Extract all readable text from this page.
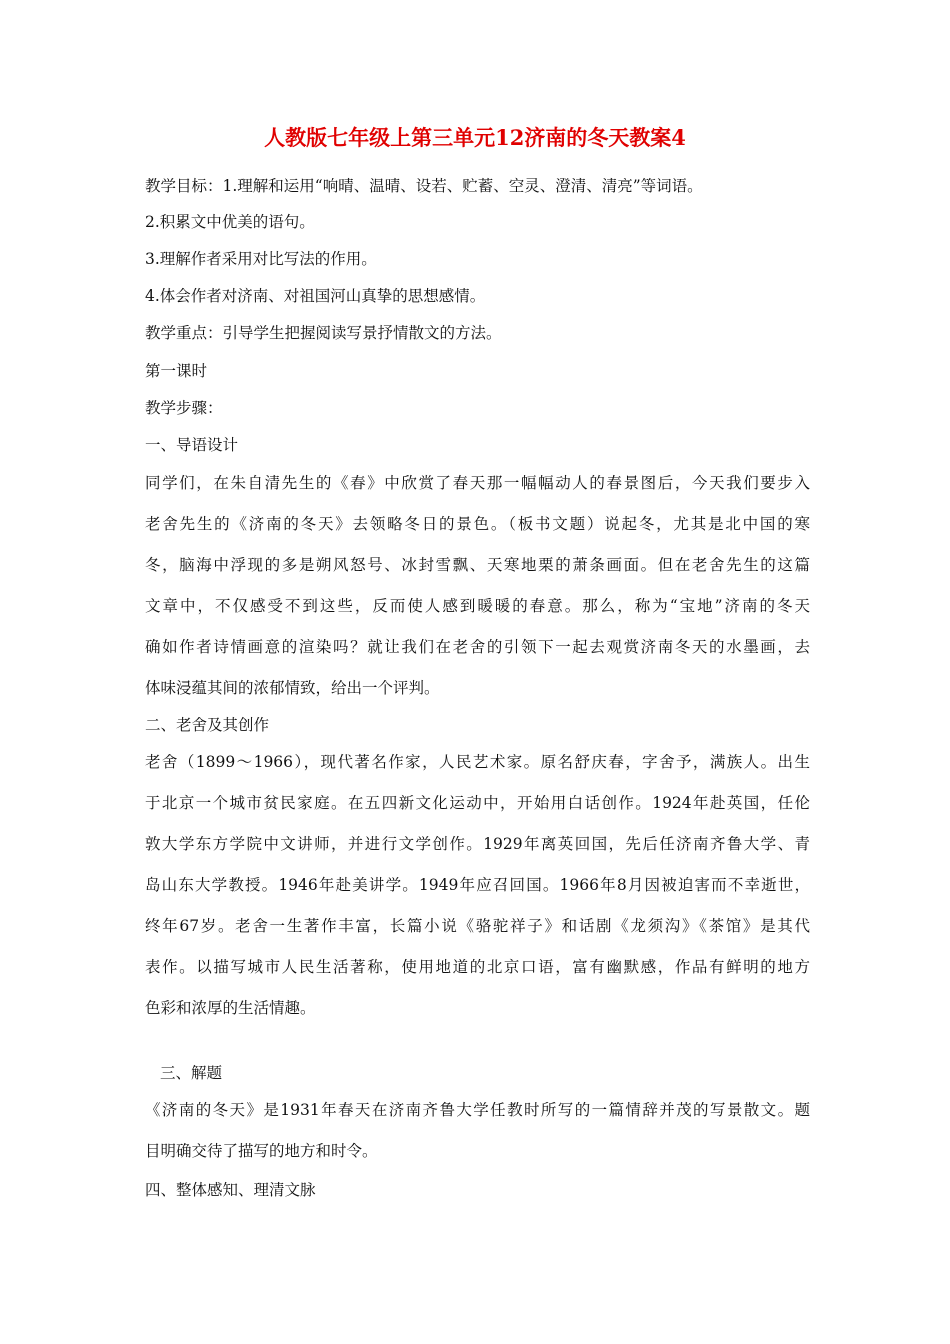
人教版七年级上第三单元12济南的冬天教案4
教学目标：1.理解和运用“响晴、温晴、设若、贮蓄、空灵、澄清、清亮”等词语。
2.积累文中优美的语句。
3.理解作者采用对比写法的作用。
4.体会作者对济南、对祖国河山真挚的思想感情。
教学重点：引导学生把握阅读写景抒情散文的方法。
第一课时
教学步骤：
一、导语设计
同学们，在朱自清先生的《春》中欣赏了春天那一幅幅动人的春景图后，今天我们要步入
老舍先生的《济南的冬天》去领略冬日的景色。（板书文题）说起冬，尤其是北中国的寒
冬，脑海中浮现的多是朔风怒号、冰封雪飘、天寒地栗的萧条画面。但在老舍先生的这篇
文章中，不仅感受不到这些，反而使人感到暖暖的春意。那么，称为“宝地”济南的冬天
确如作者诗情画意的渲染吗？就让我们在老舍的引领下一起去观赏济南冬天的水墨画，去
体味浸蕴其间的浓郁情致，给出一个评判。
二、老舍及其创作
老舍（1899～1966），现代著名作家，人民艺术家。原名舒庆春，字舍予，满族人。出生
于北京一个城市贫民家庭。在五四新文化运动中，开始用白话创作。1924年赴英国，任伦
敦大学东方学院中文讲师，并进行文学创作。1929年离英回国，先后任济南齐鲁大学、青
岛山东大学教授。1946年赴美讲学。1949年应召回国。1966年8月因被迫害而不幸逝世，
终年67岁。老舍一生著作丰富，长篇小说《骆驼祥子》和话剧《龙须沟》《茶馆》是其代
表作。以描写城市人民生活著称，使用地道的北京口语，富有幽默感，作品有鲜明的地方
色彩和浓厚的生活情趣。
三、解题
《济南的冬天》是1931年春天在济南齐鲁大学任教时所写的一篇情辞并茂的写景散文。题
目明确交待了描写的地方和时令。
四、整体感知、理清文脉
